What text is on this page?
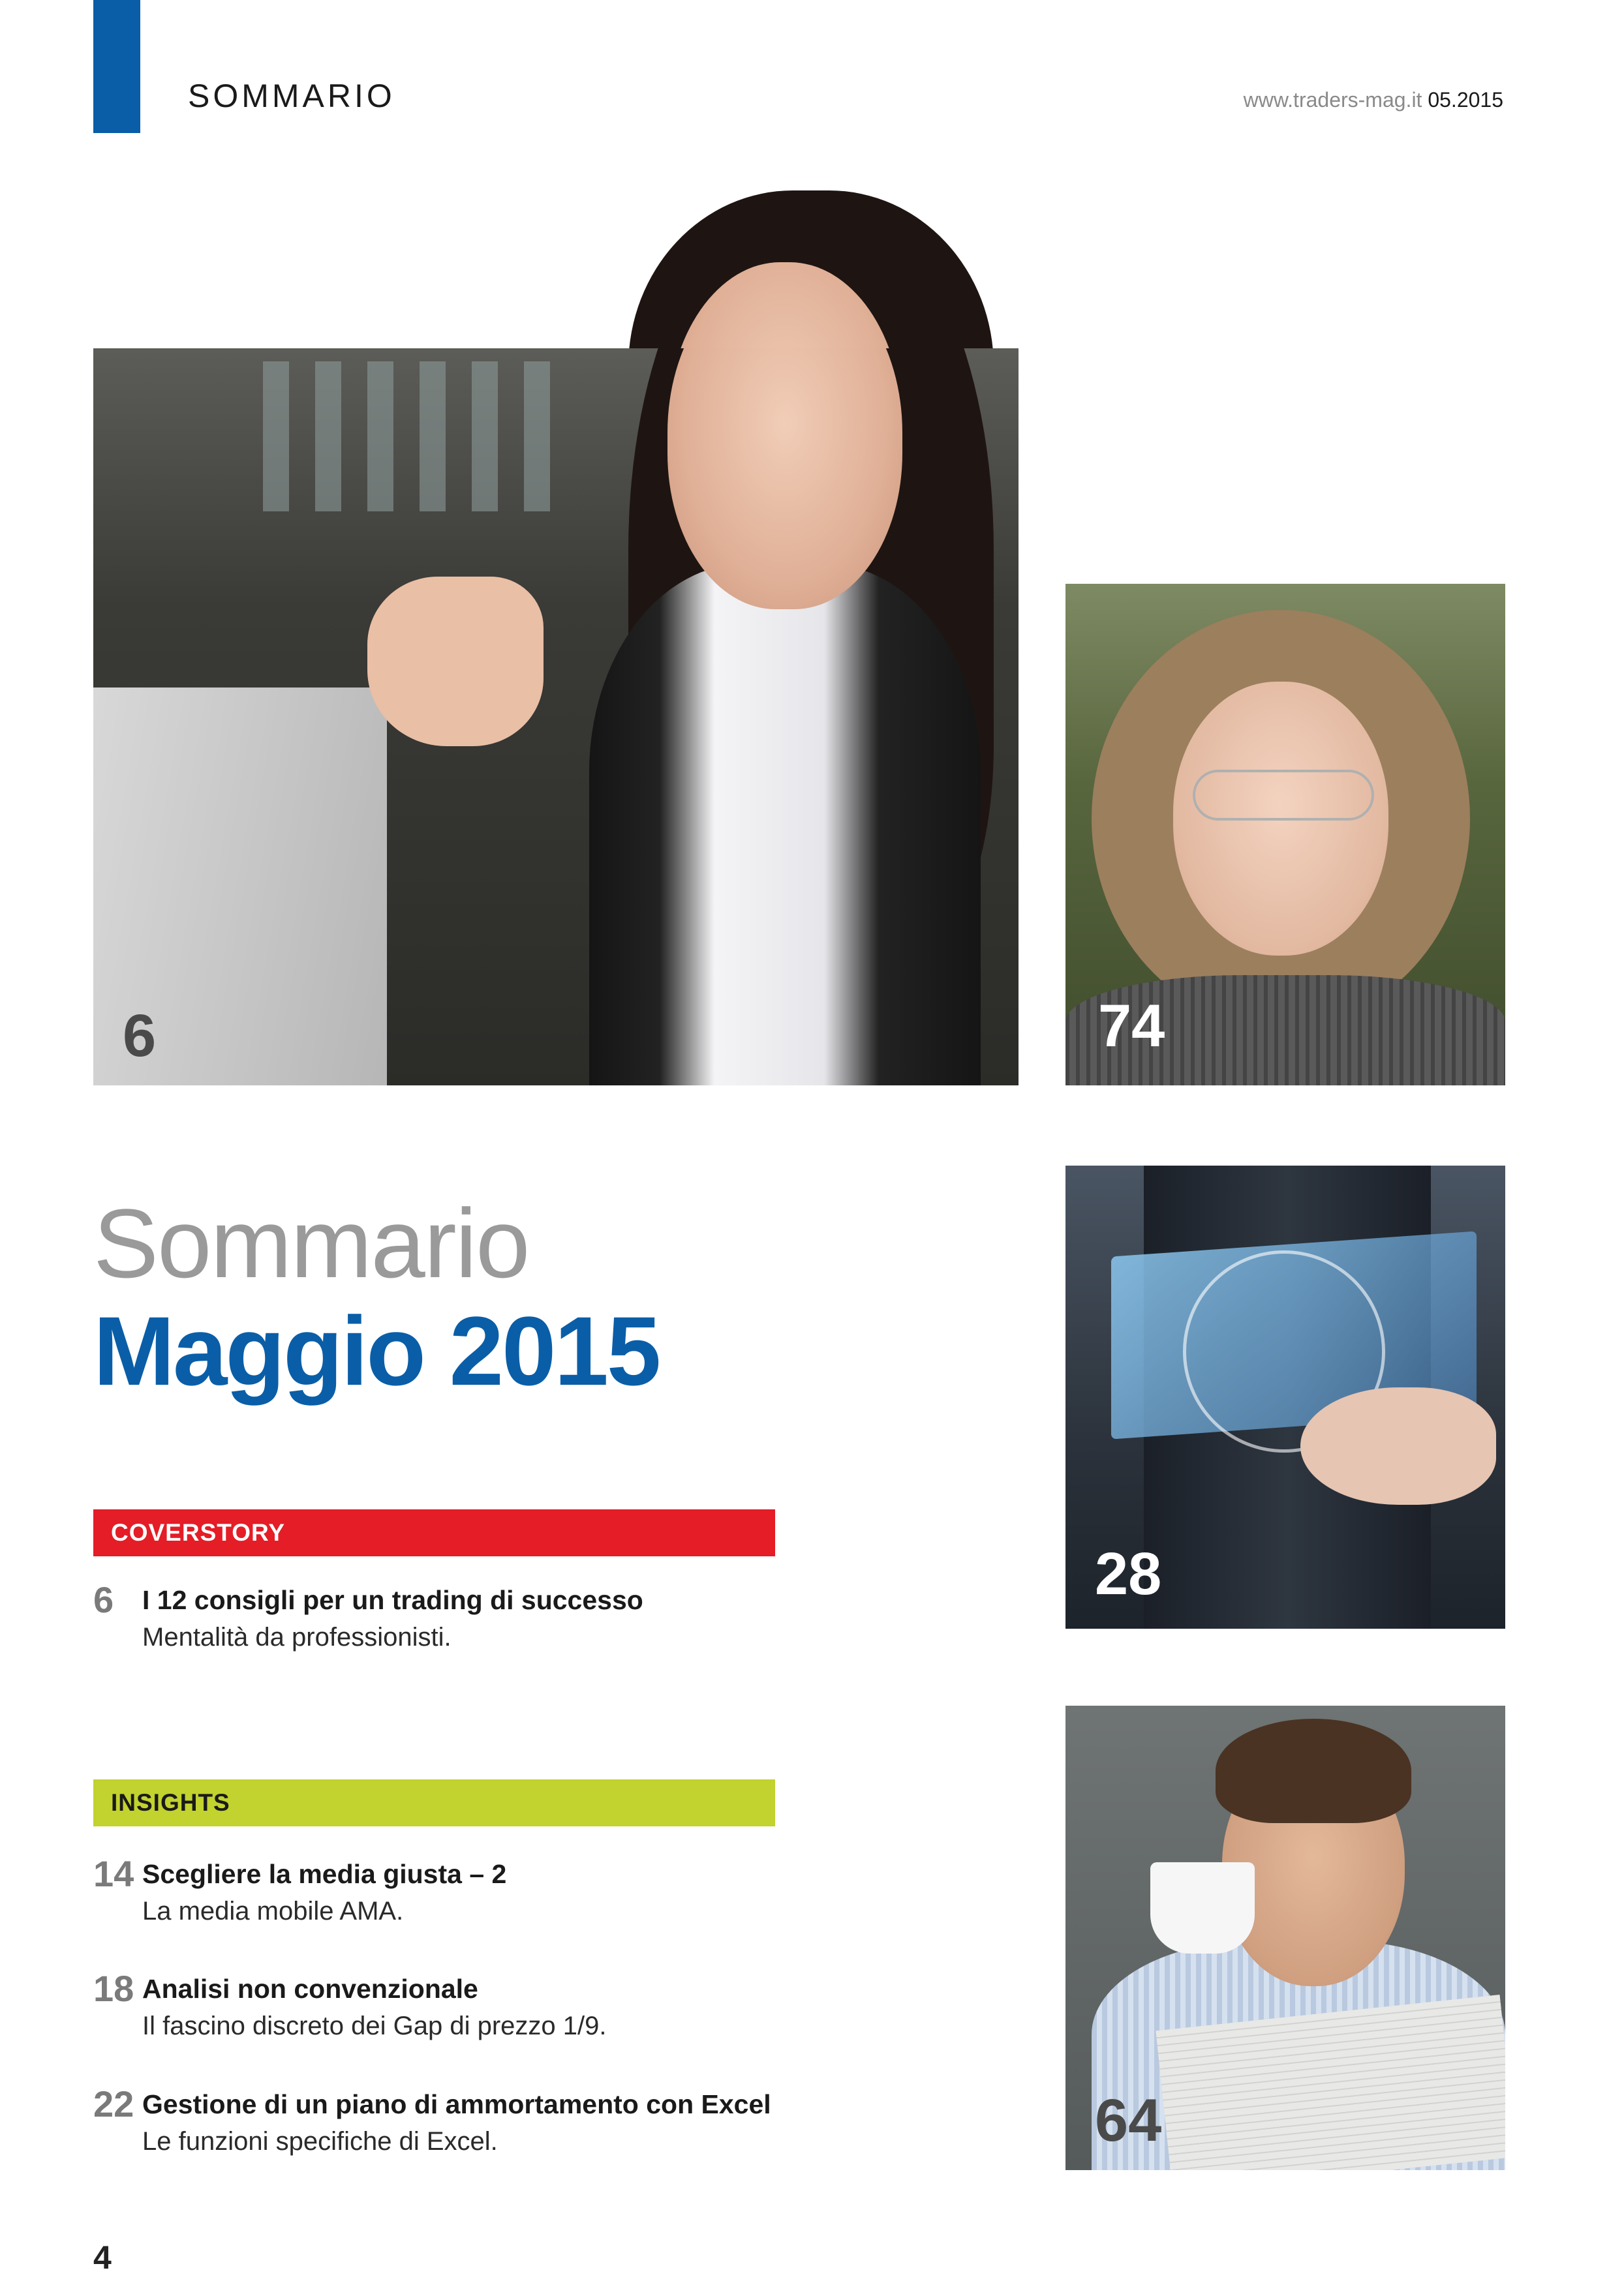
SOMMARIO	www.traders-mag.it 05.2015
6	74
28
64
Sommario
Maggio 2015
COVERSTORY
6 I 12 consigli per un trading di successo
Mentalità da professionisti.
INSIGHTS
14 Scegliere la media giusta – 2
La media mobile AMA.
18 Analisi non convenzionale
Il fascino discreto dei Gap di prezzo 1/9.
22 Gestione di un piano di ammortamento con Excel
Le funzioni specifiche di Excel.
4
